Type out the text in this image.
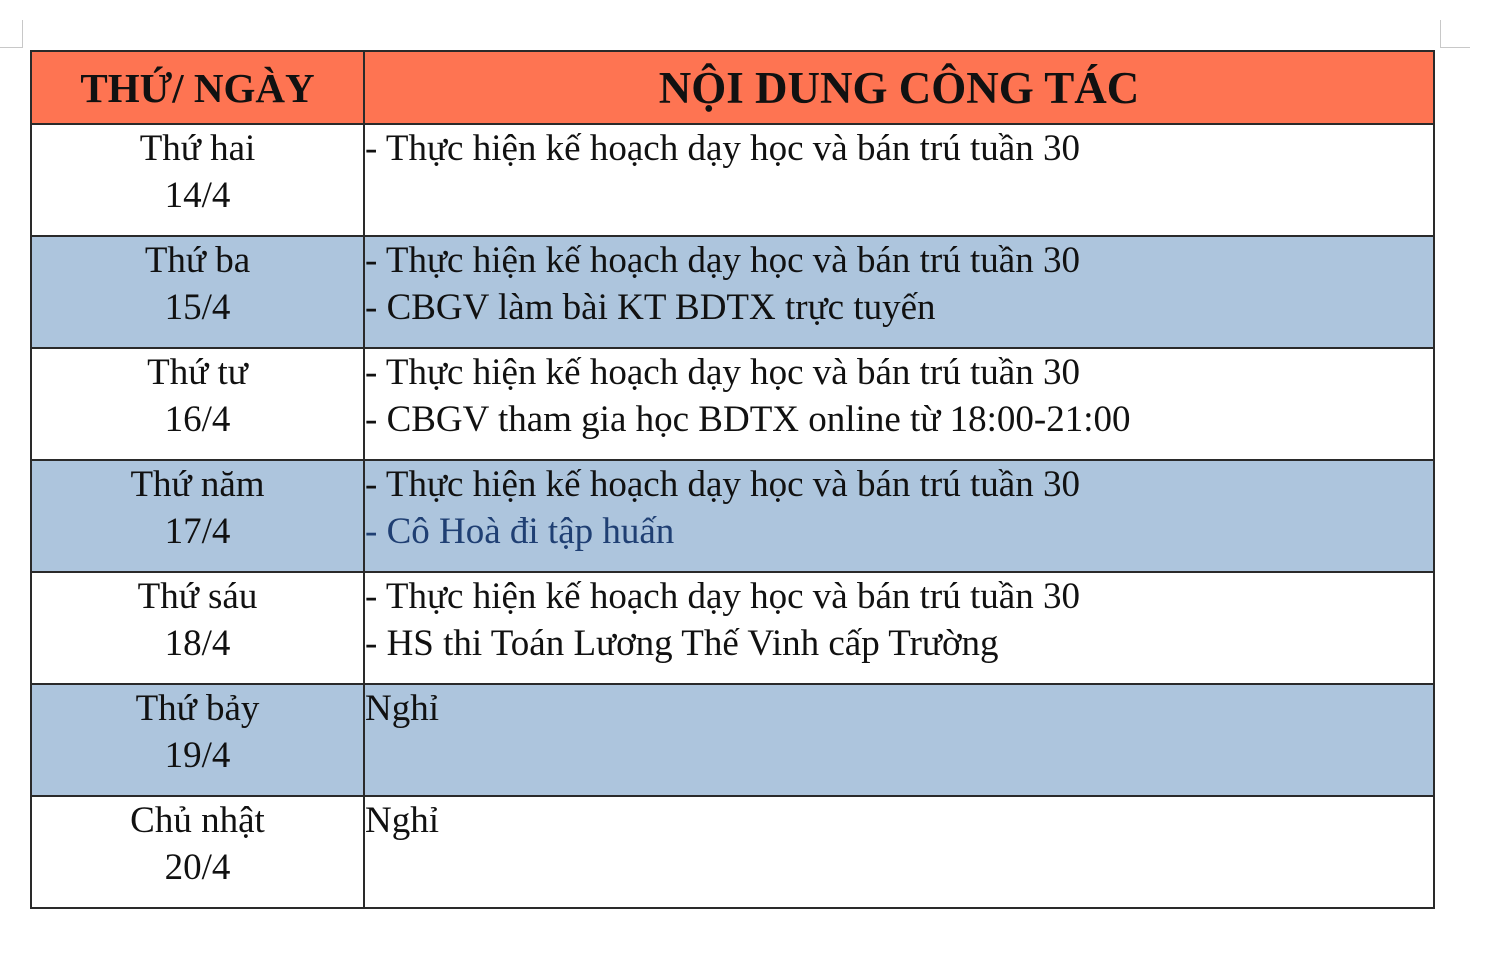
THỨ/ NGÀY	NỘI DUNG CÔNG TÁC

Thứ hai
14/4	- Thực hiện kế hoạch dạy học và bán trú tuần 30

Thứ ba
15/4	- Thực hiện kế hoạch dạy học và bán trú tuần 30
- CBGV làm bài KT BDTX trực tuyến

Thứ tư
16/4	- Thực hiện kế hoạch dạy học và bán trú tuần 30
- CBGV tham gia học BDTX online từ 18:00-21:00

Thứ năm
17/4	- Thực hiện kế hoạch dạy học và bán trú tuần 30
- Cô Hoà đi tập huấn

Thứ sáu
18/4	- Thực hiện kế hoạch dạy học và bán trú tuần 30
- HS thi Toán Lương Thế Vinh cấp Trường

Thứ bảy
19/4	Nghỉ

Chủ nhật
20/4	Nghỉ
